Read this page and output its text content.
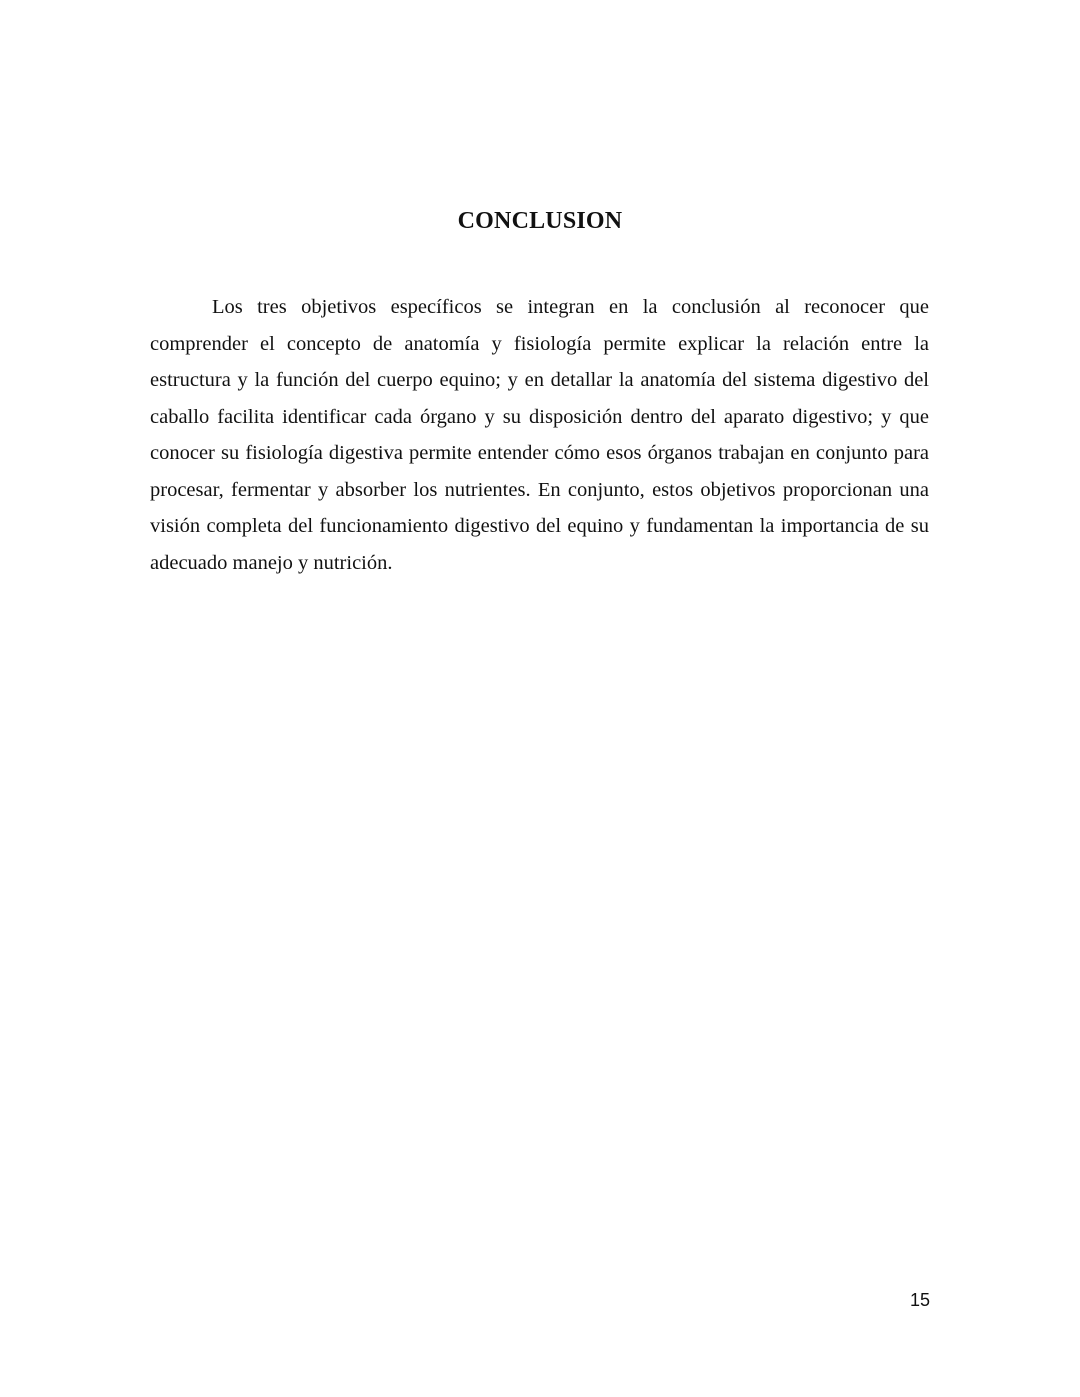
CONCLUSION

Los tres objetivos específicos se integran en la conclusión al reconocer que comprender el concepto de anatomía y fisiología permite explicar la relación entre la estructura y la función del cuerpo equino; y en detallar la anatomía del sistema digestivo del caballo facilita identificar cada órgano y su disposición dentro del aparato digestivo; y que conocer su fisiología digestiva permite entender cómo esos órganos trabajan en conjunto para procesar, fermentar y absorber los nutrientes. En conjunto, estos objetivos proporcionan una visión completa del funcionamiento digestivo del equino y fundamentan la importancia de su adecuado manejo y nutrición.

15
